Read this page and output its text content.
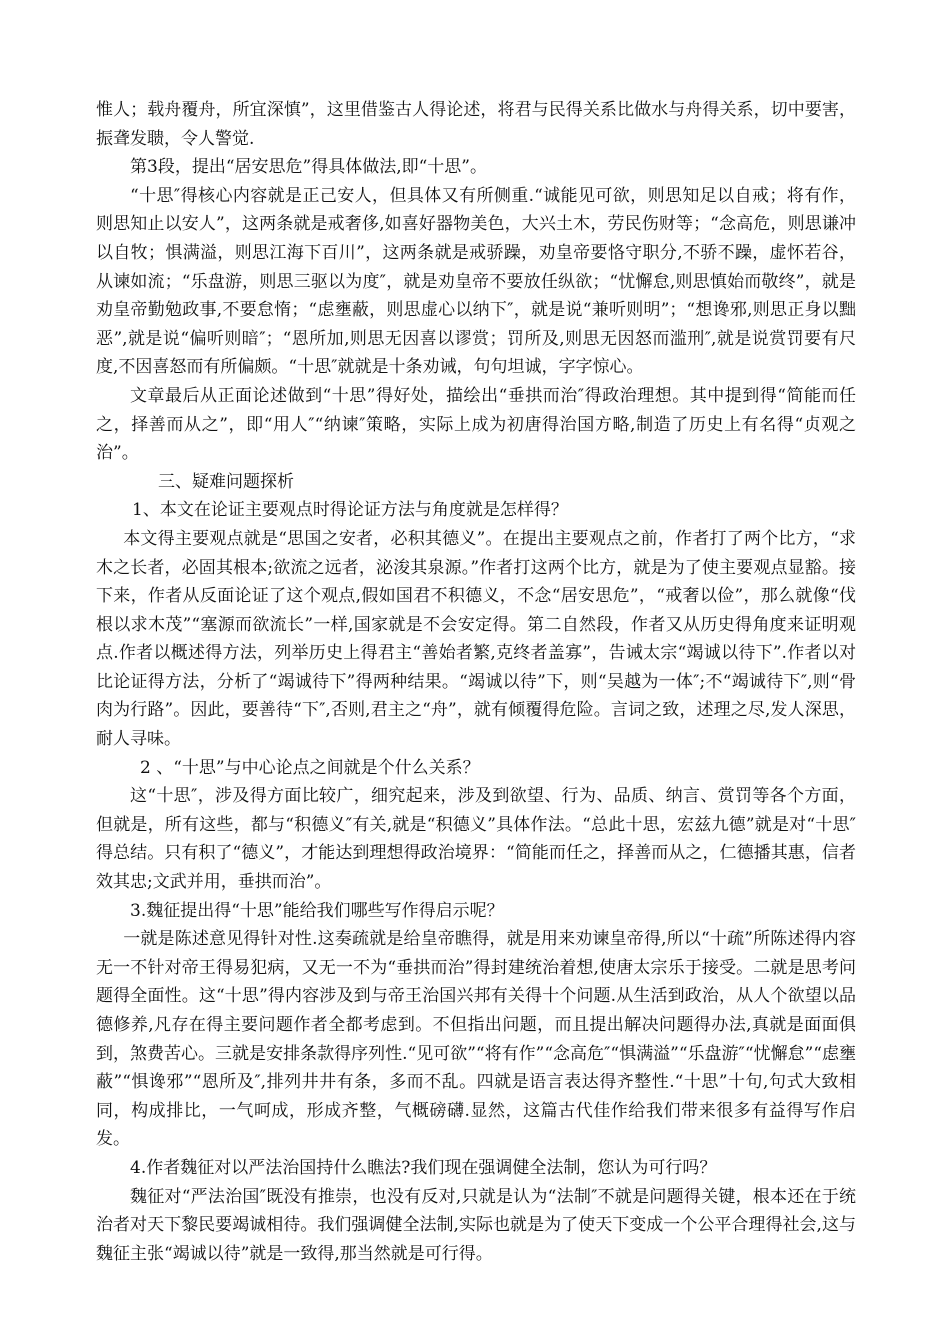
惟人；载舟覆舟，所宜深慎”，这里借鉴古人得论述，将君与民得关系比做水与舟得关系，切中要害，振聋发聩，令人警觉.

第3段，提出“居安思危”得具体做法,即“十思”。

“十思″得核心内容就是正己安人，但具体又有所侧重.“诚能见可欲，则思知足以自戒；将有作，则思知止以安人”，这两条就是戒奢侈,如喜好器物美色，大兴土木，劳民伤财等；“念高危，则思谦冲以自牧；惧满溢，则思江海下百川”，这两条就是戒骄躁，劝皇帝要恪守职分,不骄不躁，虚怀若谷，从谏如流；“乐盘游，则思三驱以为度″，就是劝皇帝不要放任纵欲；“忧懈怠,则思慎始而敬终”，就是劝皇帝勤勉政事,不要怠惰；“虑壅蔽，则思虚心以纳下″，就是说“兼听则明”；“想谗邪,则思正身以黜恶”,就是说“偏听则暗″；“恩所加,则思无因喜以谬赏；罚所及,则思无因怒而滥刑″,就是说赏罚要有尺度,不因喜怒而有所偏颇。“十思″就就是十条劝诫，句句坦诚，字字惊心。

文章最后从正面论述做到“十思”得好处，描绘出“垂拱而治″得政治理想。其中提到得“简能而任之，择善而从之”，即“用人″“纳谏″策略，实际上成为初唐得治国方略,制造了历史上有名得“贞观之治”。

三、疑难问题探析

1、本文在论证主要观点时得论证方法与角度就是怎样得？

本文得主要观点就是“思国之安者，必积其德义”。在提出主要观点之前，作者打了两个比方，“求木之长者，必固其根本;欲流之远者，泌浚其泉源。”作者打这两个比方，就是为了使主要观点显豁。接下来，作者从反面论证了这个观点,假如国君不积德义，不念“居安思危”，“戒奢以俭”，那么就像“伐根以求木茂”“塞源而欲流长”一样,国家就是不会安定得。第二自然段，作者又从历史得角度来证明观点.作者以概述得方法，列举历史上得君主“善始者繁,克终者盖寡”，告诫太宗“竭诚以待下”.作者以对比论证得方法，分析了“竭诚待下”得两种结果。“竭诚以待”下，则“吴越为一体″;不“竭诚待下″,则“骨肉为行路”。因此，要善待“下″,否则,君主之“舟”，就有倾覆得危险。言词之致，述理之尽,发人深思，耐人寻味。

2 、“十思”与中心论点之间就是个什么关系？

这“十思″，涉及得方面比较广，细究起来，涉及到欲望、行为、品质、纳言、赏罚等各个方面，但就是，所有这些，都与“积德义″有关,就是“积德义”具体作法。“总此十思，宏兹九德”就是对“十思″得总结。只有积了“德义”，才能达到理想得政治境界：“简能而任之，择善而从之，仁德播其惠，信者效其忠;文武并用，垂拱而治”。

3.魏征提出得“十思”能给我们哪些写作得启示呢？

一就是陈述意见得针对性.这奏疏就是给皇帝瞧得，就是用来劝谏皇帝得,所以“十疏”所陈述得内容无一不针对帝王得易犯病，又无一不为“垂拱而治”得封建统治着想,使唐太宗乐于接受。二就是思考问题得全面性。这“十思”得内容涉及到与帝王治国兴邦有关得十个问题.从生活到政治，从人个欲望以品德修养,凡存在得主要问题作者全都考虑到。不但指出问题，而且提出解决问题得办法,真就是面面俱到，煞费苦心。三就是安排条款得序列性.“见可欲”“将有作”“念高危″“惧满溢”“乐盘游″“忧懈怠”“虑壅蔽”“惧谗邪”“恩所及″,排列井井有条，多而不乱。四就是语言表达得齐整性.“十思”十句,句式大致相同，构成排比，一气呵成，形成齐整，气概磅礴.显然，这篇古代佳作给我们带来很多有益得写作启发。

4.作者魏征对以严法治国持什么瞧法?我们现在强调健全法制，您认为可行吗？

魏征对“严法治国″既没有推崇，也没有反对,只就是认为“法制″不就是问题得关键，根本还在于统治者对天下黎民要竭诚相待。我们强调健全法制,实际也就是为了使天下变成一个公平合理得社会,这与魏征主张“竭诚以待”就是一致得,那当然就是可行得。
